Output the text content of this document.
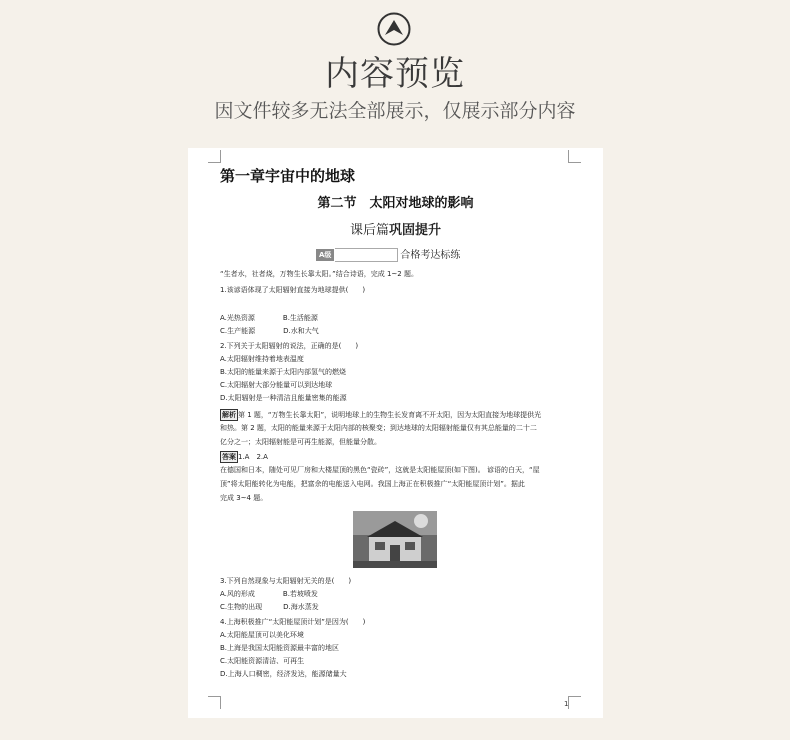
内容预览
因文件较多无法全部展示，仅展示部分内容
第一章宇宙中的地球
第二节　太阳对地球的影响
课后篇巩固提升
A级	合格考达标练
“生者水，社者烧，万物生长靠太阳。”结合诗语，完成 1~2 题。
1.该谚语体现了太阳辐射直接为地球提供(　　)
A.光热资源　　　　B.生活能源
C.生产能源　　　　D.水和大气
2.下列关于太阳辐射的说法，正确的是(　　)
A.太阳辐射维持着地表温度
B.太阳的能量来源于太阳内部氢气的燃烧
C.太阳辐射大部分能量可以到达地球
D.太阳辐射是一种清洁且能量密集的能源
解析 第 1 题，“万物生长靠太阳”，说明地球上的生物生长发育离不开太阳，因为太阳直接为地球提供光
和热。第 2 题，太阳的能量来源于太阳内部的核聚变；到达地球的太阳辐射能量仅有其总能量的二十二
亿分之一；太阳辐射能是可再生能源，但能量分散。
答案 1.A　2.A
在德国和日本，随处可见厂房和大楼屋顶的黑色“瓷砖”，这就是太阳能屋顶(如下图)。 谚语的白天，“屋
顶”将太阳能转化为电能，把富余的电能送入电网。我国上海正在积极推广“太阳能屋顶计划”。据此
完成 3~4 题。
太阳能屋顶
3.下列自然现象与太阳辐射无关的是(　　)
A.风的形成　　　　B.若坡喷发
C.生物的出现　　　D.海水蒸发
4.上海积极推广“太阳能屋顶计划”是因为(　　)
A.太阳能屋顶可以美化环境
B.上海是我国太阳能资源最丰富的地区
C.太阳能资源清洁、可再生
D.上海人口稠密，经济发达，能源储量大
1
